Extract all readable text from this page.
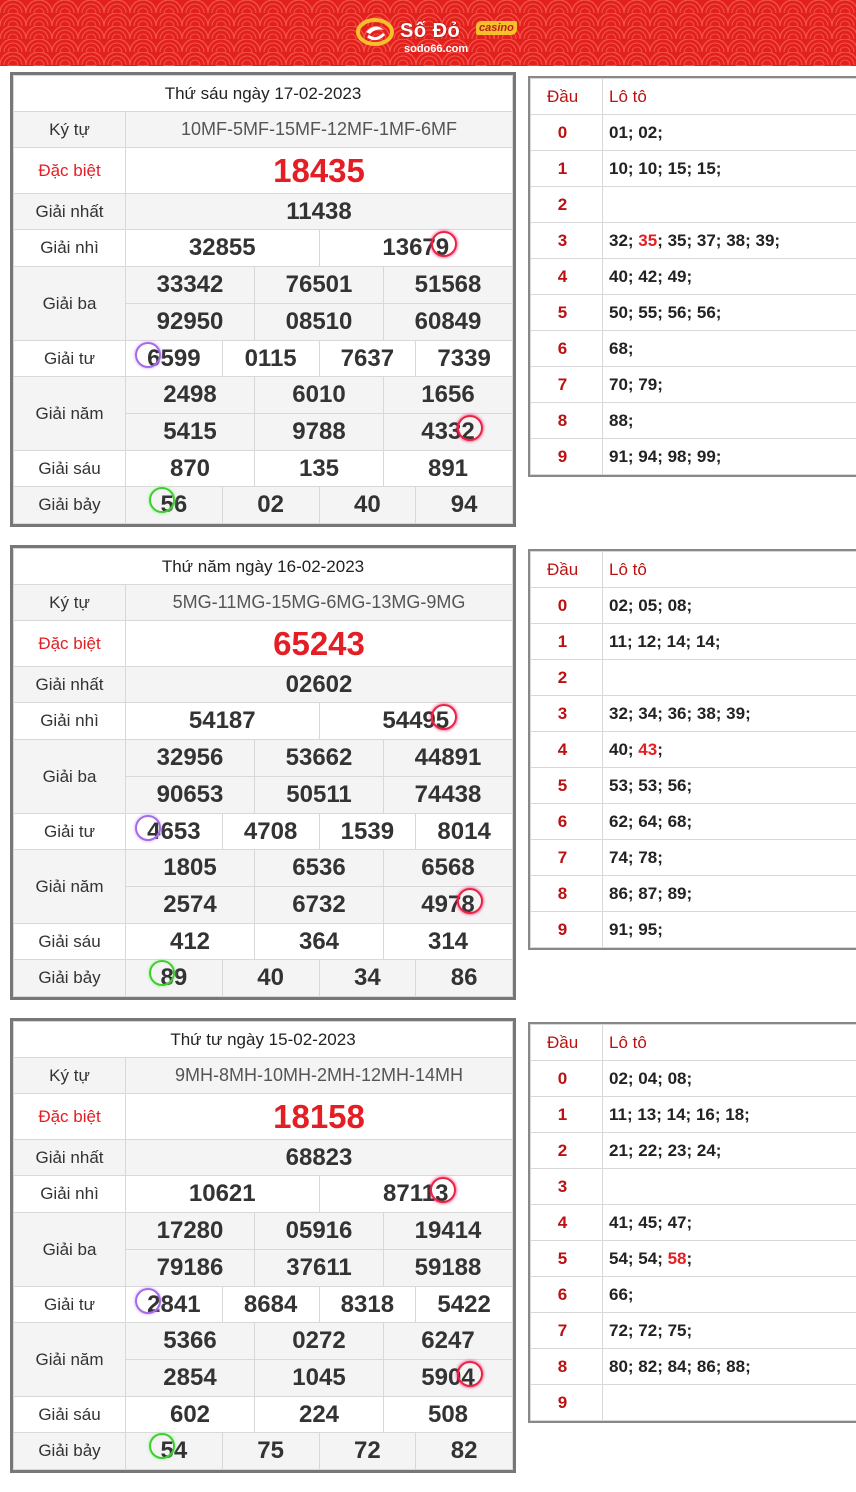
Số Đỏ casino
sodo66.com
Thứ sáu ngày 17-02-2023						
Ký tự	10MF-5MF-15MF-12MF-1MF-6MF					
Đặc biệt	18435					
Giải nhất	11438					
Giải nhì	32855			13679		

Giải ba	33342		76501		51568	
	92950		08510		60849	
Giải tư	6599	0115		7637		7339
Giải năm	2498		6010		1656	
	5415		9788		4332	

Giải sáu	870		135		891	
Giải bảy	56	02		40		94
Đầu	Lô tô
0	01; 02;
1	10; 10; 15; 15;
2	
3	32; 35; 35; 37; 38; 39;
4	40; 42; 49;
5	50; 55; 56; 56;
6	68;
7	70; 79;
8	88;
9	91; 94; 98; 99;
Thứ năm ngày 16-02-2023						
Ký tự	5MG-11MG-15MG-6MG-13MG-9MG					
Đặc biệt	65243					
Giải nhất	02602					
Giải nhì	54187			54495		

Giải ba	32956		53662		44891	
	90653		50511		74438	
Giải tư	4653	4708		1539		8014
Giải năm	1805		6536		6568	
	2574		6732		4978	

Giải sáu	412		364		314	
Giải bảy	89	40		34		86
Đầu	Lô tô
0	02; 05; 08;
1	11; 12; 14; 14;
2	
3	32; 34; 36; 38; 39;
4	40; 43;
5	53; 53; 56;
6	62; 64; 68;
7	74; 78;
8	86; 87; 89;
9	91; 95;
Thứ tư ngày 15-02-2023						
Ký tự	9MH-8MH-10MH-2MH-12MH-14MH					
Đặc biệt	18158					
Giải nhất	68823					
Giải nhì	10621			87113		

Giải ba	17280		05916		19414	
	79186		37611		59188	
Giải tư	2841	8684		8318		5422
Giải năm	5366		0272		6247	
	2854		1045		5904	

Giải sáu	602		224		508	
Giải bảy	54	75		72		82
Đầu	Lô tô
0	02; 04; 08;
1	11; 13; 14; 16; 18;
2	21; 22; 23; 24;
3	
4	41; 45; 47;
5	54; 54; 58;
6	66;
7	72; 72; 75;
8	80; 82; 84; 86; 88;
9	
